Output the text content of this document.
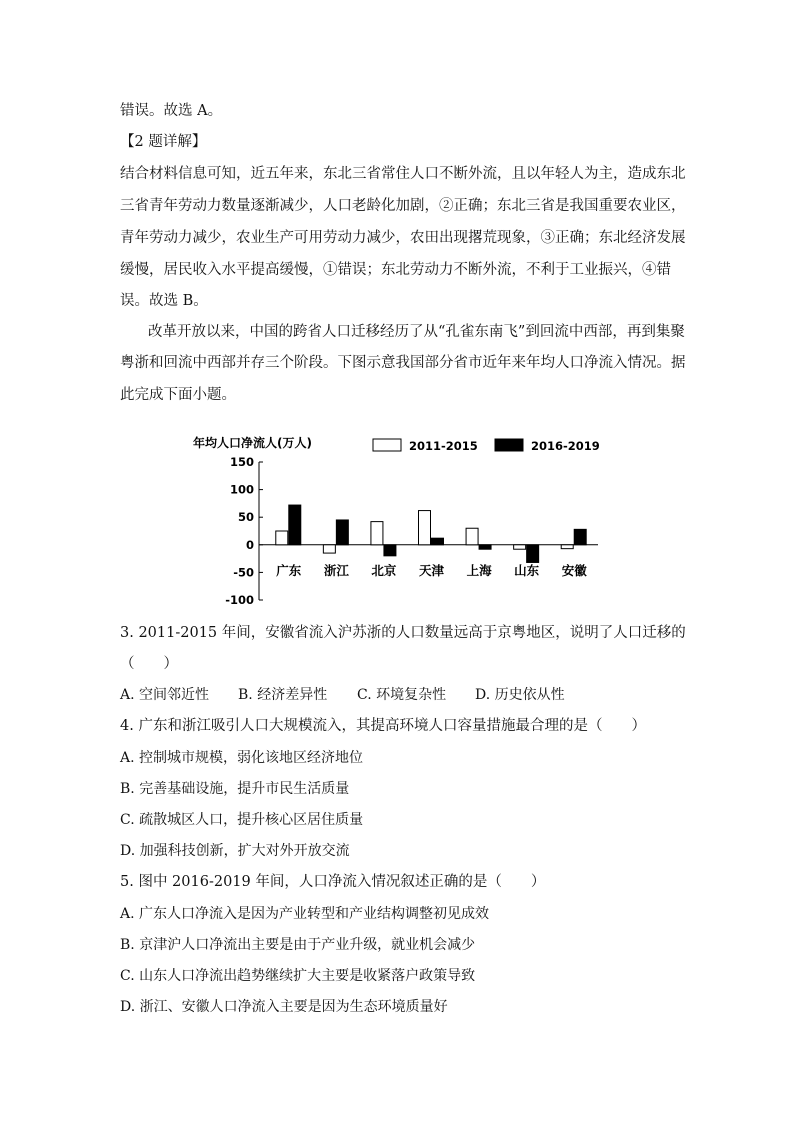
错误。故选 A。
【2 题详解】
结合材料信息可知，近五年来，东北三省常住人口不断外流，且以年轻人为主，造成东北
三省青年劳动力数量逐渐减少，人口老龄化加剧，②正确；东北三省是我国重要农业区，
青年劳动力减少，农业生产可用劳动力减少，农田出现撂荒现象，③正确；东北经济发展
缓慢，居民收入水平提高缓慢，①错误；东北劳动力不断外流，不利于工业振兴，④错
误。故选 B。
改革开放以来，中国的跨省人口迁移经历了从“孔雀东南飞”到回流中西部，再到集聚
粤浙和回流中西部并存三个阶段。下图示意我国部分省市近年来年均人口净流入情况。据
此完成下面小题。
年均人口净流人(万人)	2011-2015	2016-2019
150
100
50
0
-50
-100
广东 浙江 北京 天津 上海 山东 安徽
3. 2011-2015 年间，安徽省流入沪苏浙的人口数量远高于京粤地区，说明了人口迁移的
（　　）
A. 空间邻近性 B. 经济差异性 C. 环境复杂性 D. 历史依从性
4. 广东和浙江吸引人口大规模流入，其提高环境人口容量措施最合理的是（　　）
A. 控制城市规模，弱化该地区经济地位
B. 完善基础设施，提升市民生活质量
C. 疏散城区人口，提升核心区居住质量
D. 加强科技创新，扩大对外开放交流
5. 图中 2016-2019 年间，人口净流入情况叙述正确的是（　　）
A. 广东人口净流入是因为产业转型和产业结构调整初见成效
B. 京津沪人口净流出主要是由于产业升级，就业机会减少
C. 山东人口净流出趋势继续扩大主要是收紧落户政策导致
D. 浙江、安徽人口净流入主要是因为生态环境质量好
